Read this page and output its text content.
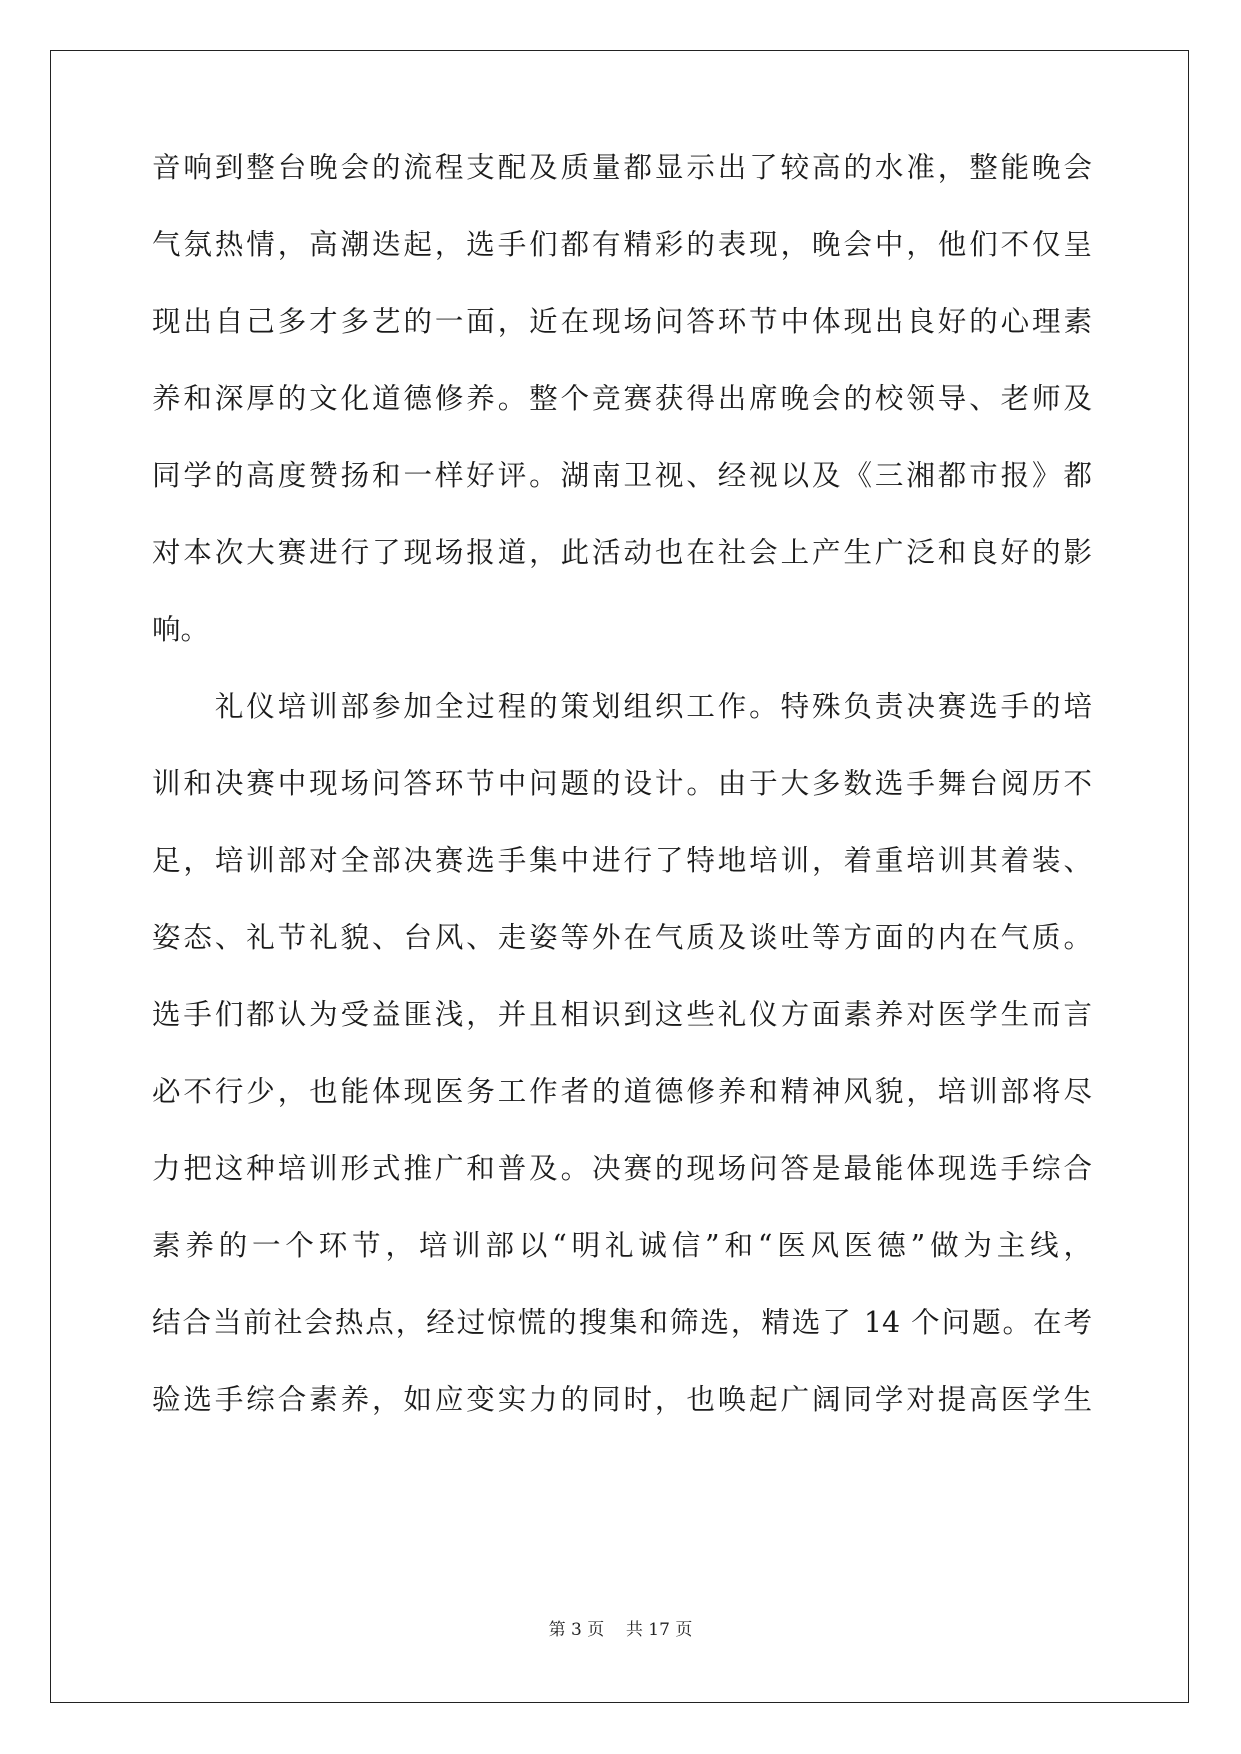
音响到整台晚会的流程支配及质量都显示出了较高的水准，整能晚会
气氛热情，高潮迭起，选手们都有精彩的表现，晚会中，他们不仅呈
现出自己多才多艺的一面，近在现场问答环节中体现出良好的心理素
养和深厚的文化道德修养。整个竞赛获得出席晚会的校领导、老师及
同学的高度赞扬和一样好评。湖南卫视、经视以及《三湘都市报》都
对本次大赛进行了现场报道，此活动也在社会上产生广泛和良好的影
响。
　　礼仪培训部参加全过程的策划组织工作。特殊负责决赛选手的培
训和决赛中现场问答环节中问题的设计。由于大多数选手舞台阅历不
足，培训部对全部决赛选手集中进行了特地培训，着重培训其着装、
姿态、礼节礼貌、台风、走姿等外在气质及谈吐等方面的内在气质。
选手们都认为受益匪浅，并且相识到这些礼仪方面素养对医学生而言
必不行少，也能体现医务工作者的道德修养和精神风貌，培训部将尽
力把这种培训形式推广和普及。决赛的现场问答是最能体现选手综合
素养的一个环节，培训部以“明礼诚信”和“医风医德”做为主线，
结合当前社会热点，经过惊慌的搜集和筛选，精选了 14 个问题。在考
验选手综合素养，如应变实力的同时，也唤起广阔同学对提高医学生
第 3 页 共 17 页
